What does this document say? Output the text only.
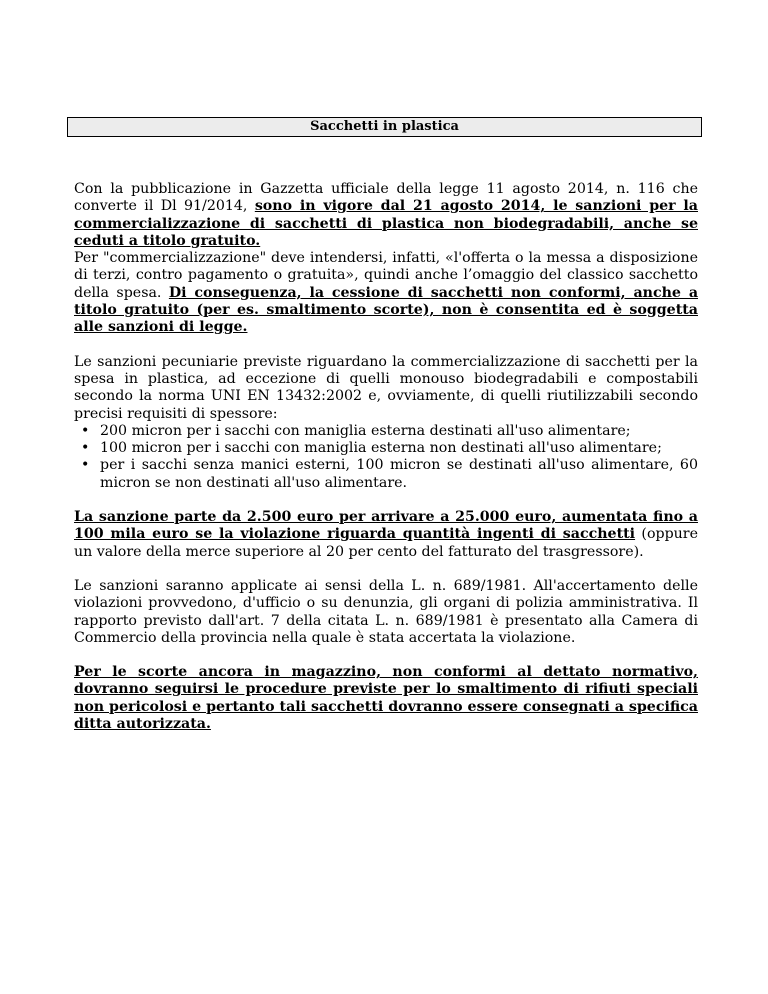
Sacchetti in plastica

Con la pubblicazione in Gazzetta ufficiale della legge 11 agosto 2014, n. 116 che converte il Dl 91/2014, sono in vigore dal 21 agosto 2014, le sanzioni per la commercializzazione di sacchetti di plastica non biodegradabili, anche se ceduti a titolo gratuito.

Per "commercializzazione" deve intendersi, infatti, «l'offerta o la messa a disposizione di terzi, contro pagamento o gratuita», quindi anche l’omaggio del classico sacchetto della spesa. Di conseguenza, la cessione di sacchetti non conformi, anche a titolo gratuito (per es. smaltimento scorte), non è consentita ed è soggetta alle sanzioni di legge.

Le sanzioni pecuniarie previste riguardano la commercializzazione di sacchetti per la spesa in plastica, ad eccezione di quelli monouso biodegradabili e compostabili secondo la norma UNI EN 13432:2002 e, ovviamente, di quelli riutilizzabili secondo precisi requisiti di spessore:

• 200 micron per i sacchi con maniglia esterna destinati all'uso alimentare;
• 100 micron per i sacchi con maniglia esterna non destinati all'uso alimentare;
• per i sacchi senza manici esterni, 100 micron se destinati all'uso alimentare, 60 micron se non destinati all'uso alimentare.

La sanzione parte da 2.500 euro per arrivare a 25.000 euro, aumentata fino a 100 mila euro se la violazione riguarda quantità ingenti di sacchetti (oppure un valore della merce superiore al 20 per cento del fatturato del trasgressore).

Le sanzioni saranno applicate ai sensi della L. n. 689/1981. All'accertamento delle violazioni provvedono, d'ufficio o su denunzia, gli organi di polizia amministrativa. Il rapporto previsto dall'art. 7 della citata L. n. 689/1981 è presentato alla Camera di Commercio della provincia nella quale è stata accertata la violazione.

Per le scorte ancora in magazzino, non conformi al dettato normativo, dovranno seguirsi le procedure previste per lo smaltimento di rifiuti speciali non pericolosi e pertanto tali sacchetti dovranno essere consegnati a specifica ditta autorizzata.
